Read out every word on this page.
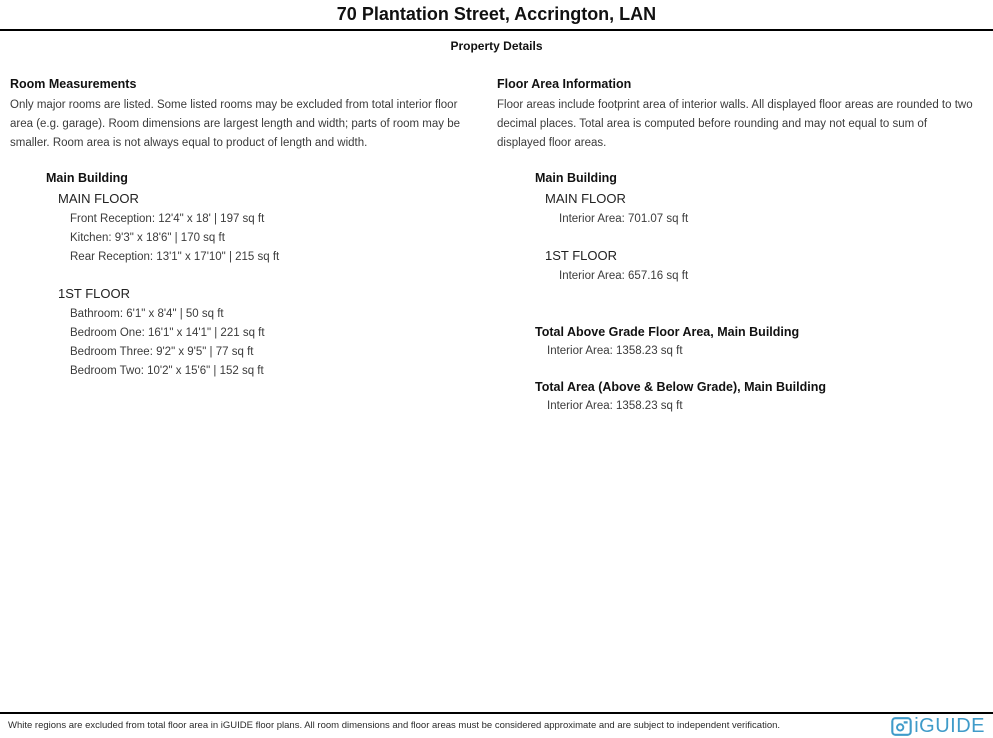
70 Plantation Street, Accrington, LAN
Property Details
Room Measurements
Only major rooms are listed. Some listed rooms may be excluded from total interior floor area (e.g. garage). Room dimensions are largest length and width; parts of room may be smaller. Room area is not always equal to product of length and width.
Main Building
MAIN FLOOR
Front Reception: 12'4" x 18' | 197 sq ft
Kitchen: 9'3" x 18'6" | 170 sq ft
Rear Reception: 13'1" x 17'10" | 215 sq ft
1ST FLOOR
Bathroom: 6'1" x 8'4" | 50 sq ft
Bedroom One: 16'1" x 14'1" | 221 sq ft
Bedroom Three: 9'2" x 9'5" | 77 sq ft
Bedroom Two: 10'2" x 15'6" | 152 sq ft
Floor Area Information
Floor areas include footprint area of interior walls. All displayed floor areas are rounded to two decimal places. Total area is computed before rounding and may not equal to sum of displayed floor areas.
Main Building
MAIN FLOOR
Interior Area: 701.07 sq ft
1ST FLOOR
Interior Area: 657.16 sq ft
Total Above Grade Floor Area, Main Building
Interior Area: 1358.23 sq ft
Total Area (Above & Below Grade), Main Building
Interior Area: 1358.23 sq ft
White regions are excluded from total floor area in iGUIDE floor plans. All room dimensions and floor areas must be considered approximate and are subject to independent verification.	iGUIDE
